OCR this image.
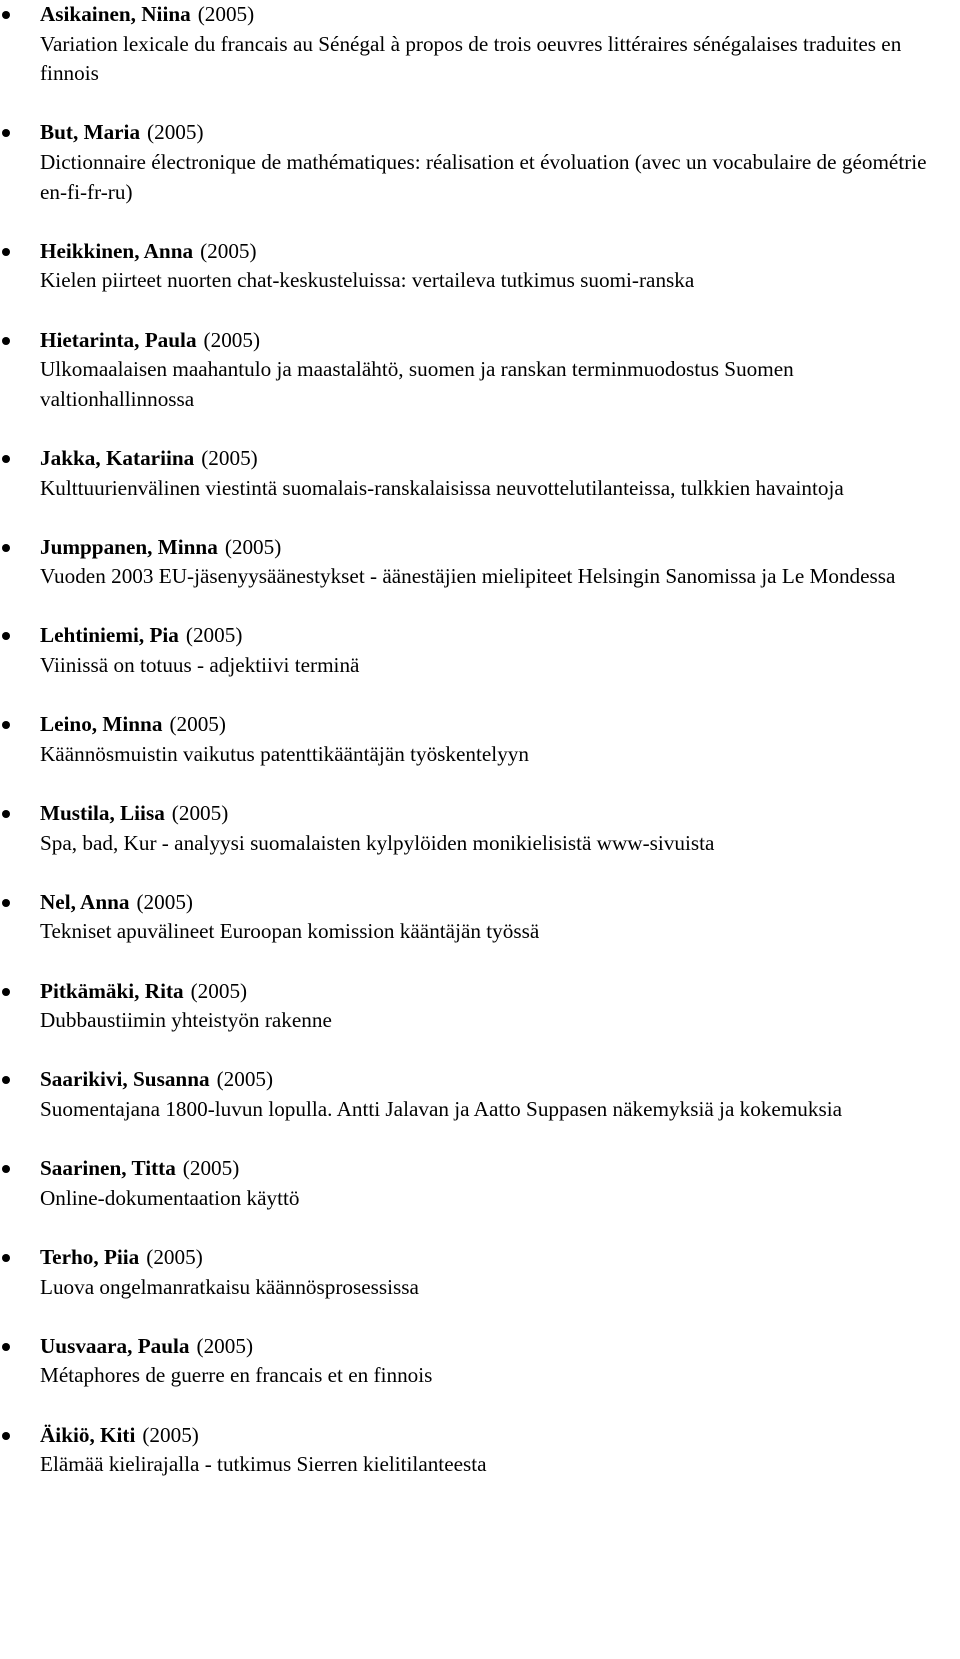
Asikainen, Niina (2005)
Variation lexicale du francais au Sénégal à propos de trois oeuvres littéraires sénégalaises traduites en finnois
But, Maria (2005)
Dictionnaire électronique de mathématiques: réalisation et évoluation (avec un vocabulaire de géométrie en-fi-fr-ru)
Heikkinen, Anna (2005)
Kielen piirteet nuorten chat-keskusteluissa: vertaileva tutkimus suomi-ranska
Hietarinta, Paula (2005)
Ulkomaalaisen maahantulo ja maastalähtö, suomen ja ranskan terminmuodostus Suomen valtionhallinnossa
Jakka, Katariina (2005)
Kulttuurienvälinen viestintä suomalais-ranskalaisissa neuvottelutilanteissa, tulkkien havaintoja
Jumppanen, Minna (2005)
Vuoden 2003 EU-jäsenyysäänestykset - äänestäjien mielipiteet Helsingin Sanomissa ja Le Mondessa
Lehtiniemi, Pia (2005)
Viinissä on totuus - adjektiivi terminä
Leino, Minna (2005)
Käännösmuistin vaikutus patenttikääntäjän työskentelyyn
Mustila, Liisa (2005)
Spa, bad, Kur - analyysi suomalaisten kylpylöiden monikielisistä www-sivuista
Nel, Anna (2005)
Tekniset apuvälineet Euroopan komission kääntäjän työssä
Pitkämäki, Rita (2005)
Dubbaustiimin yhteistyön rakenne
Saarikivi, Susanna (2005)
Suomentajana 1800-luvun lopulla. Antti Jalavan ja Aatto Suppasen näkemyksiä ja kokemuksia
Saarinen, Titta (2005)
Online-dokumentaation käyttö
Terho, Piia (2005)
Luova ongelmanratkaisu käännösprosessissa
Uusvaara, Paula (2005)
Métaphores de guerre en francais et en finnois
Äikiö, Kiti (2005)
Elämää kielirajalla - tutkimus Sierren kielitilanteesta
